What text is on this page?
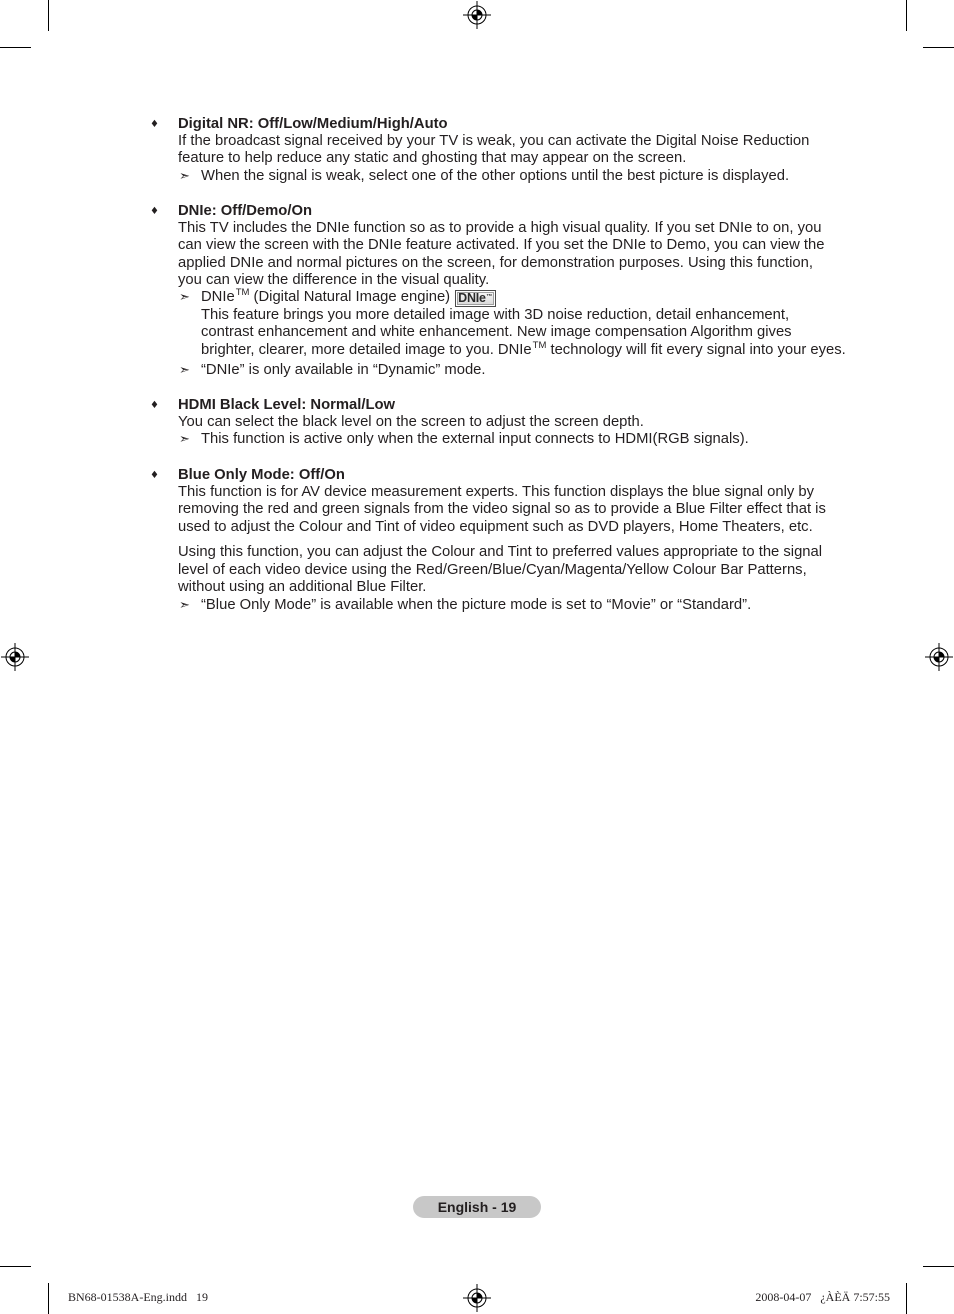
♦ Digital NR: Off/Low/Medium/High/Auto
If the broadcast signal received by your TV is weak, you can activate the Digital Noise Reduction
feature to help reduce any static and ghosting that may appear on the screen.
➣ When the signal is weak, select one of the other options until the best picture is displayed.
♦ DNIe: Off/Demo/On
This TV includes the DNIe function so as to provide a high visual quality. If you set DNIe to on, you
can view the screen with the DNIe feature activated. If you set the DNIe to Demo, you can view the
applied DNIe and normal pictures on the screen, for demonstration purposes. Using this function,
you can view the difference in the visual quality.
➣ DNIe™ (Digital Natural Image engine) DNIe™
This feature brings you more detailed image with 3D noise reduction, detail enhancement,
contrast enhancement and white enhancement. New image compensation Algorithm gives
brighter, clearer, more detailed image to you. DNIe™ technology will fit every signal into your eyes.
➣ “DNIe” is only available in “Dynamic” mode.
♦ HDMI Black Level: Normal/Low
You can select the black level on the screen to adjust the screen depth.
➣ This function is active only when the external input connects to HDMI(RGB signals).
♦ Blue Only Mode: Off/On
This function is for AV device measurement experts. This function displays the blue signal only by
removing the red and green signals from the video signal so as to provide a Blue Filter effect that is
used to adjust the Colour and Tint of video equipment such as DVD players, Home Theaters, etc.
Using this function, you can adjust the Colour and Tint to preferred values appropriate to the signal
level of each video device using the Red/Green/Blue/Cyan/Magenta/Yellow Colour Bar Patterns,
without using an additional Blue Filter.
➣ “Blue Only Mode” is available when the picture mode is set to “Movie” or “Standard”.
English - 19
BN68-01538A-Eng.indd   19	2008-04-07   ¿ÀÈÄ 7:57:55
